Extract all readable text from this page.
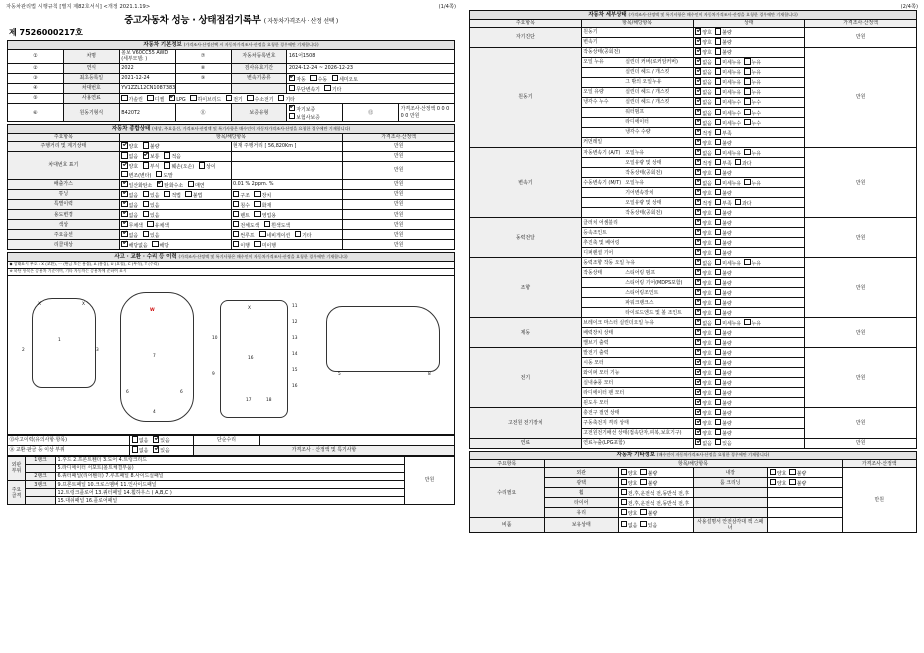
자동차관리법 시행규칙 [별지 제82호서식] <개정 2021.1.19>	(1/4쪽)
중고자동차 성능 · 상태점검기록부 ( 자동차가격조사 · 산정 선택 )
제 7526000217호
자동차 기본정보 (가격조사·산정선택 시 자동차가격조사·산정을 요청한 경우에만 기재합니다)							
①	차명	볼보 V60CC55 AWD (세부모델: )	⑦	자동차등록번호	161어1508		
②	연식	2022	⑧	검사유효기간	2024-12-24 ~ 2026-12-23		
③	최초등록일	2021-12-24	⑨	변속기종류	자동 수동 세미오토		
④	차대번호	YV1ZZL12CN1087383			무단변속기 기타		
⑤	사용연료	가솔린 디젤 LPG 하이브리드 전기 수소전기 기타					
⑥	원동기형식	B420T2	⑪	보증유형	자기보증 보험사보증	⑫	가격조사·산정액 0 0 0 0 0 만원
자동차 종합상태 (세상, 주요옵션, 가격조사·산정액 및 특기사항은 매수인이 자동차가격조사·산정을 요청한 경우에만 기재합니다)			
주요항목	항목/해당항목		가격조사·산정액
주행거리 및 계기상태	양호 불량	현재 주행거리 [ 56,820Km ]	만원
차대번호 표기	없음 보통 적음		만원
	양호 부식 훼손(오손) 상이 변조(변타) 도말		만원
배출가스	일산화탄소 탄화수소 매연	0.01 % 2ppm. %	만원
튜닝	없음 있음 적법 불법	구조 장치	만원
특별이력	없음 있음	침수 화재	만원
용도변경	없음 있음	렌트 영업용	만원
색상	무채색 유채색	전체도색 흰색도색	만원
주요옵션	없음 있음	썬루프 네비게이션 기타	만원
리콜대상	해당없음 해당	이행 미이행	만원
사고 · 교환 · 수리 등 이력 (가격조사·산정액 및 특기사항은 매수인이 자동차가격조사·산정을 요청한 경우에만 기재합니다)
◆ 상태표시 부호 : X (교환), ᅳ (판금 또는 용접), A (흠집), U (요철), C (부식), T (수리)
※ 하단 항목은 승용차 기준이며, 기타 자동차는 승용차에 준하여 표시
X	X
1
2	3
W
7
6	6
4
X	11
12
13
14
15
16
16
17	18
9
10
5	8
⑬사고이력(유의사항·항목)	없음 있음	단순수리	
⑭ 교환·판금 등 이상 부위	없음 있음	가격조사 · 산정액 및 특기사항	
외판
부위	1랭크	1.후드 2.프론트휀더 3.도어 4.트렁크리드	만원
		5.라디에이터 서포트(볼트체결부품)	
	2랭크	6.쿼터패널(리어휀더) 7.루프패널 8.사이드실패널	
주요
골격	3랭크	9.프론트패널 10.크로스멤버 11.인사이드패널	
		12.트렁크플로어 13.쿼터패널 14.휠하우스 ( A,B,C )	
		15.대쉬패널 16.플로어패널	
(2/4쪽)
자동차 세부상태 (가격조사·산정액 및 특기사항은 매수인이 자동차가격조사·산정을 요청한 경우에만 기재합니다)			
주요항목	항목/해당항목	상태	가격조사·산정액
자기진단	원동기	양호 불량	만원
	변속기	양호 불량	
원동기	작동상태(공회전)	양호 불량	만원
	오일 누유 실린더 커버(로커암커버)	없음 미세누유 누유	
	실린더 헤드 / 개스킷	없음 미세누유 누유	
	그 밖의 오일누유	없음 미세누유 누유	
	오일 유량 실린더 헤드 / 개스킷	없음 미세누유 누유	
	냉각수 누수 실린더 헤드 / 개스킷	없음 미세누수 누수	
	워터펌프	없음 미세누수 누수	
	라디에이터	없음 미세누수 누수	
	냉각수 수량	적정 부족	
	커먼레일	양호 불량	
변속기	자동변속기 (A/T) 오일누유	없음 미세누유 누유	만원
	오일유량 및 상태	적정 부족 과다	
	작동상태(공회전)	양호 불량	
	수동변속기 (M/T) 오일누유	없음 미세누유 누유	
	기어변속장치	양호 불량	
	오일유량 및 상태	적정 부족 과다	
	작동상태(공회전)	양호 불량	
동력전달	클러치 어셈블리	양호 불량	만원
	등속조인트	양호 불량	
	추진축 및 베어링	양호 불량	
	디퍼렌셜 기어	양호 불량	
조향	동력조향 작동 오일 누유	없음 미세누유 누유	만원
	작동상태 스티어링 펌프	양호 불량	
	스티어링 기어(MDPS포함)	양호 불량	
	스티어링조인트	양호 불량	
	파워크랭크스	양호 불량	
	타이로드엔드 및 볼 조인트	양호 불량	
제동	브레이크 마스터 실린더오일 누유	없음 미세누유 누유	만원
	배력장치 상태	양호 불량	
	밸브기 출력	양호 불량	
전기	발전기 출력	양호 불량	만원
	시동 모터	양호 불량	
	와이퍼 모터 기능	양호 불량	
	실내송풍 모터	양호 불량	
	라디에이터 팬 모터	양호 불량	
	윈도우 모터	양호 불량	
고전원 전기장치	충전구 절연 상태	양호 불량	만원
	구동축전지 격리 상태	양호 불량	
	고전원전기배선 상태(접속단자,피복,보호기구)	양호 불량	
연료	연료누출(LPG포함)	없음 있음	만원
자동차 기타정보 (매수인이 자동차가격조사·산정을 요청한 경우에만 기재합니다)					
주요항목	항목/해당항목				가격조사·산정액
수리필요	외관	양호 불량	내장	양호 불량	만원
	광택	양호 불량	룸 크리닝	양호 불량	
	휠	전,후,운전석 전,동반석 전,후			
	타이어	전,후,운전석 전,동반석 전,후			
	유리	양호 불량			
비품	보유상태	없음 있음	사용설명서 안전삼각대 잭 스패너		
